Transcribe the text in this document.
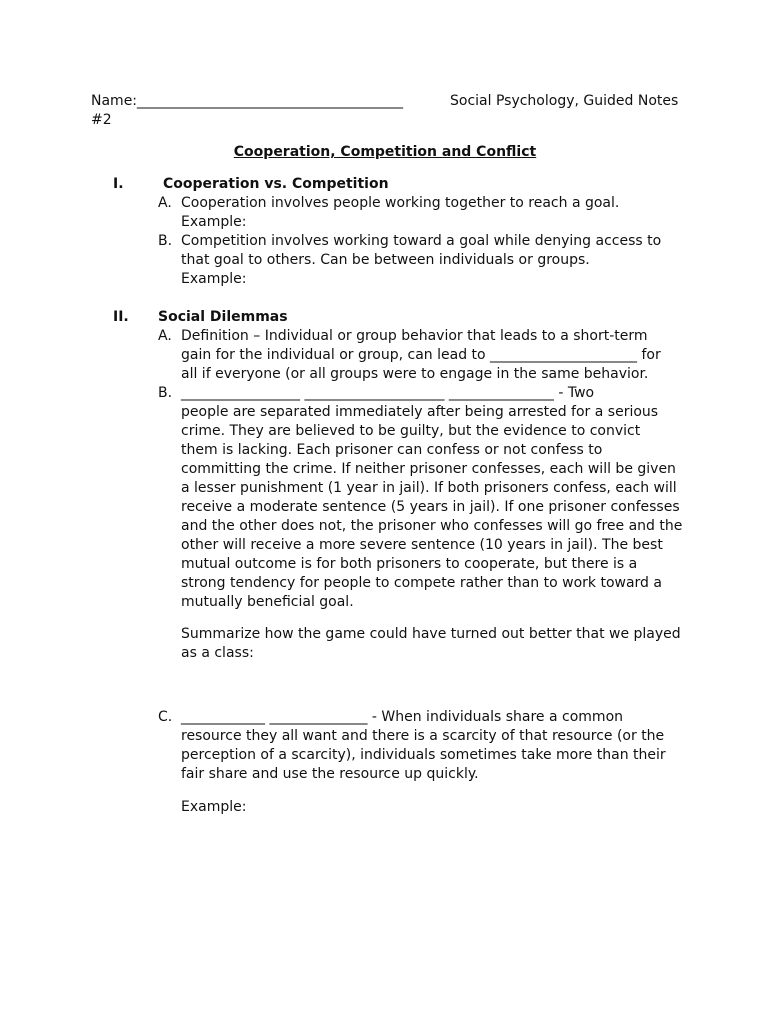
Name:______________________________________
#2
Social Psychology, Guided Notes
Cooperation, Competition and Conflict
I.	Cooperation vs. Competition
A. Cooperation involves people working together to reach a goal.
Example:
B. Competition involves working toward a goal while denying access to
that goal to others. Can be between individuals or groups.
Example:
II. Social Dilemmas
A. Definition – Individual or group behavior that leads to a short-term
gain for the individual or group, can lead to _____________________ for
all if everyone (or all groups were to engage in the same behavior.
B. _________________ ____________________ _______________ - Two
people are separated immediately after being arrested for a serious
crime. They are believed to be guilty, but the evidence to convict
them is lacking. Each prisoner can confess or not confess to
committing the crime. If neither prisoner confesses, each will be given
a lesser punishment (1 year in jail). If both prisoners confess, each will
receive a moderate sentence (5 years in jail). If one prisoner confesses
and the other does not, the prisoner who confesses will go free and the
other will receive a more severe sentence (10 years in jail). The best
mutual outcome is for both prisoners to cooperate, but there is a
strong tendency for people to compete rather than to work toward a
mutually beneficial goal.
Summarize how the game could have turned out better that we played
as a class:
C. ____________ ______________ - When individuals share a common
resource they all want and there is a scarcity of that resource (or the
perception of a scarcity), individuals sometimes take more than their
fair share and use the resource up quickly.
Example:
